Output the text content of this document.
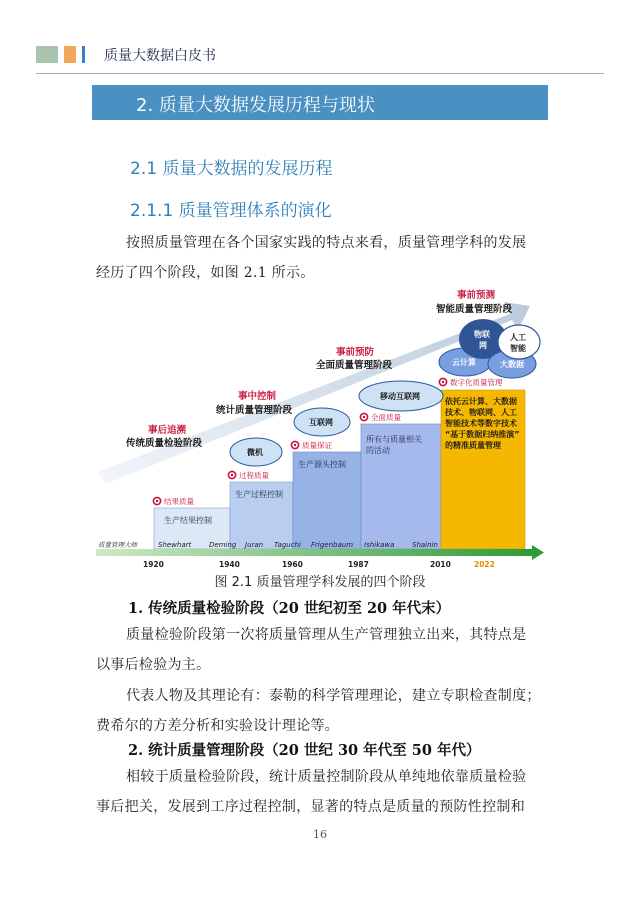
质量大数据白皮书
2. 质量大数据发展历程与现状
2.1 质量大数据的发展历程
2.1.1 质量管理体系的演化
按照质量管理在各个国家实践的特点来看，质量管理学科的发展
经历了四个阶段，如图 2.1 所示。
生产结果控制
生产过程控制
生产源头控制
所有与质量相关
的活动
依托云计算、大数据
技术、物联网、人工
智能技术等数字技术
“基于数据归纳推演”
的精准质量管理
结果质量
过程质量
质量保证
全面质量
数字化质量管理
事后追溯
传统质量检验阶段
事中控制
统计质量管理阶段
事前预防
全面质量管理阶段
事前预测
智能质量管理阶段
微机
互联网
移动互联网
云计算
物联
网
大数据
人工
智能
质量管理大师	Shewhart	Deming Juran Taguchi Frigenbaum Ishikawa	Shainin
1920	1940	1960	1987	2010	2022
图 2.1 质量管理学科发展的四个阶段
1. 传统质量检验阶段（20 世纪初至 20 年代末）
质量检验阶段第一次将质量管理从生产管理独立出来，其特点是
以事后检验为主。
代表人物及其理论有：泰勒的科学管理理论，建立专职检查制度；
费希尔的方差分析和实验设计理论等。
2. 统计质量管理阶段（20 世纪 30 年代至 50 年代）
相较于质量检验阶段，统计质量控制阶段从单纯地依靠质量检验
事后把关，发展到工序过程控制，显著的特点是质量的预防性控制和
16
